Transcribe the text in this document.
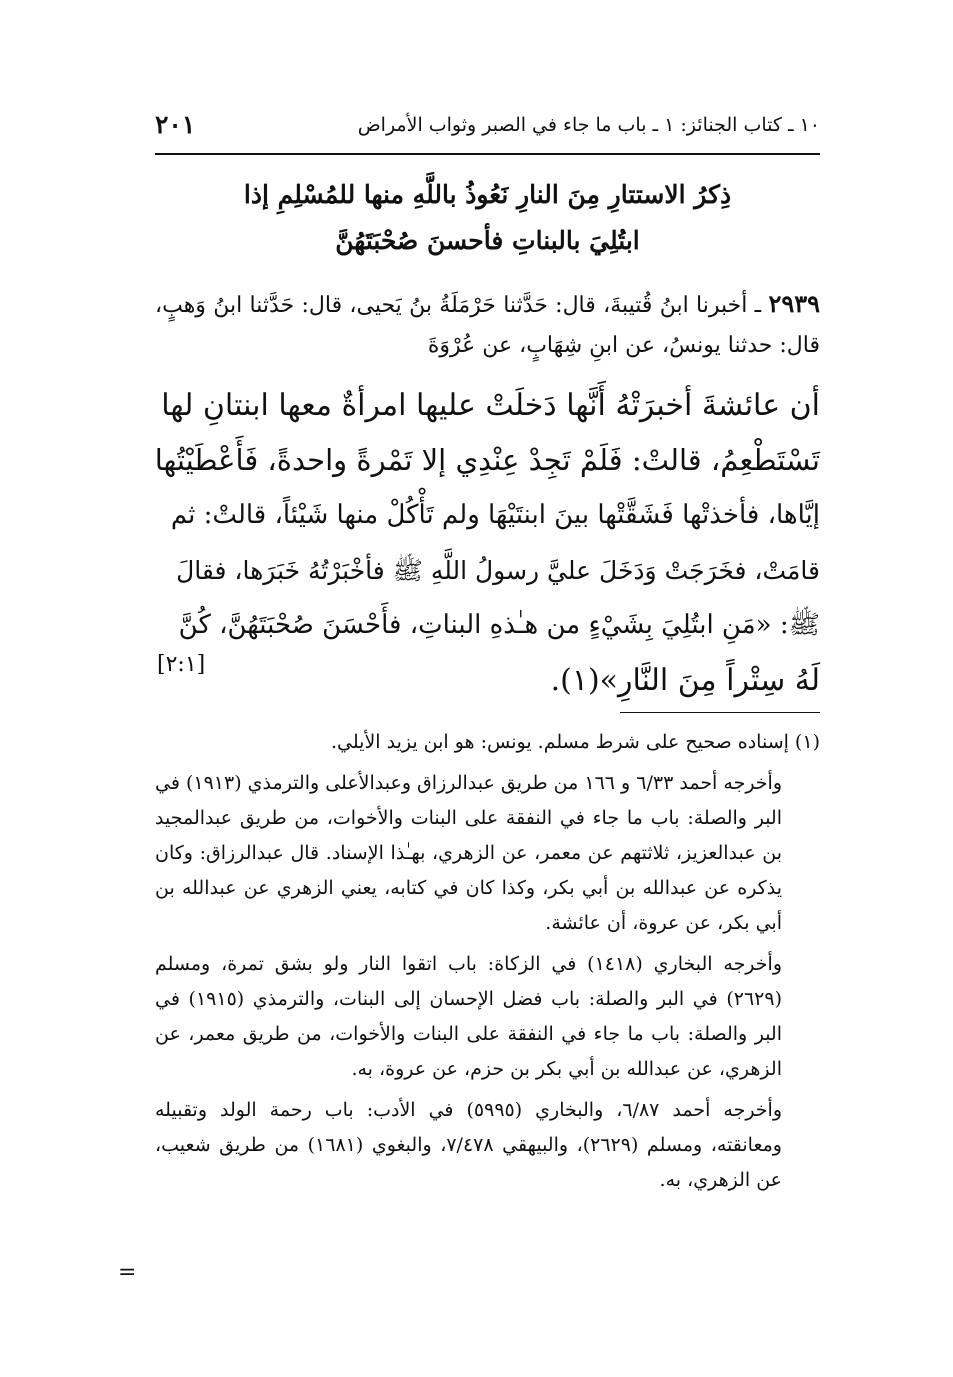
١٠ ـ كتاب الجنائز: ١ ـ باب ما جاء في الصبر وثواب الأمراض
٢٠١
ذِكرُ الاستتارِ مِنَ النارِ نَعُوذُ باللَّهِ منها للمُسْلِمِ إذا
ابتُلِيَ بالبناتِ فأحسنَ صُحْبَتَهُنَّ
٢٩٣٩ ـ أخبرنا ابنُ قُتيبةَ، قال: حَدَّثنا حَرْمَلَةُ بنُ يَحيى، قال: حَدَّثنا ابنُ وَهبٍ، قال: حدثنا يونسُ، عن ابنِ شِهَابٍ، عن عُرْوَةَ
أن عائشةَ أخبرَتْهُ أَنَّها دَخلَتْ عليها امرأةٌ معها ابنتانِ لها
تَسْتَطْعِمُ، قالتْ: فَلَمْ تَجِدْ عِنْدِي إلا تَمْرةً واحدةً، فَأَعْطَيْتُها
إيَّاها، فأخذتْها فَشَقَّتْها بينَ ابنتَيْهَا ولم تَأْكُلْ منها شَيْئاً، قالتْ: ثم
قامَتْ، فخَرَجَتْ وَدَخَلَ عليَّ رسولُ اللَّهِ ﷺ فأخْبَرْتُهُ خَبَرَها، فقالَ
ﷺ: «مَنِ ابتُلِيَ بِشَيْءٍ من هـٰذهِ البناتِ، فأَحْسَنَ صُحْبَتَهُنَّ، كُنَّ
لَهُ سِتْراً مِنَ النَّارِ»(١).
[٢:١]

(١) إسناده صحيح على شرط مسلم. يونس: هو ابن يزيد الأيلي.

وأخرجه أحمد ٦/٣٣ و ١٦٦ من طريق عبدالرزاق وعبدالأعلى والترمذي (١٩١٣) في البر والصلة: باب ما جاء في النفقة على البنات والأخوات، من طريق عبدالمجيد بن عبدالعزيز، ثلاثتهم عن معمر، عن الزهري، بهـٰذا الإسناد. قال عبدالرزاق: وكان يذكره عن عبدالله بن أبي بكر، وكذا كان في كتابه، يعني الزهري عن عبدالله بن أبي بكر، عن عروة، أن عائشة.

وأخرجه البخاري (١٤١٨) في الزكاة: باب اتقوا النار ولو بشق تمرة، ومسلم (٢٦٢٩) في البر والصلة: باب فضل الإحسان إلى البنات، والترمذي (١٩١٥) في البر والصلة: باب ما جاء في النفقة على البنات والأخوات، من طريق معمر، عن الزهري، عن عبدالله بن أبي بكر بن حزم، عن عروة، به.

وأخرجه أحمد ٦/٨٧، والبخاري (٥٩٩٥) في الأدب: باب رحمة الولد وتقبيله ومعانقته، ومسلم (٢٦٢٩)، والبيهقي ٧/٤٧٨، والبغوي (١٦٨١) من طريق شعيب، عن الزهري، به.

=
